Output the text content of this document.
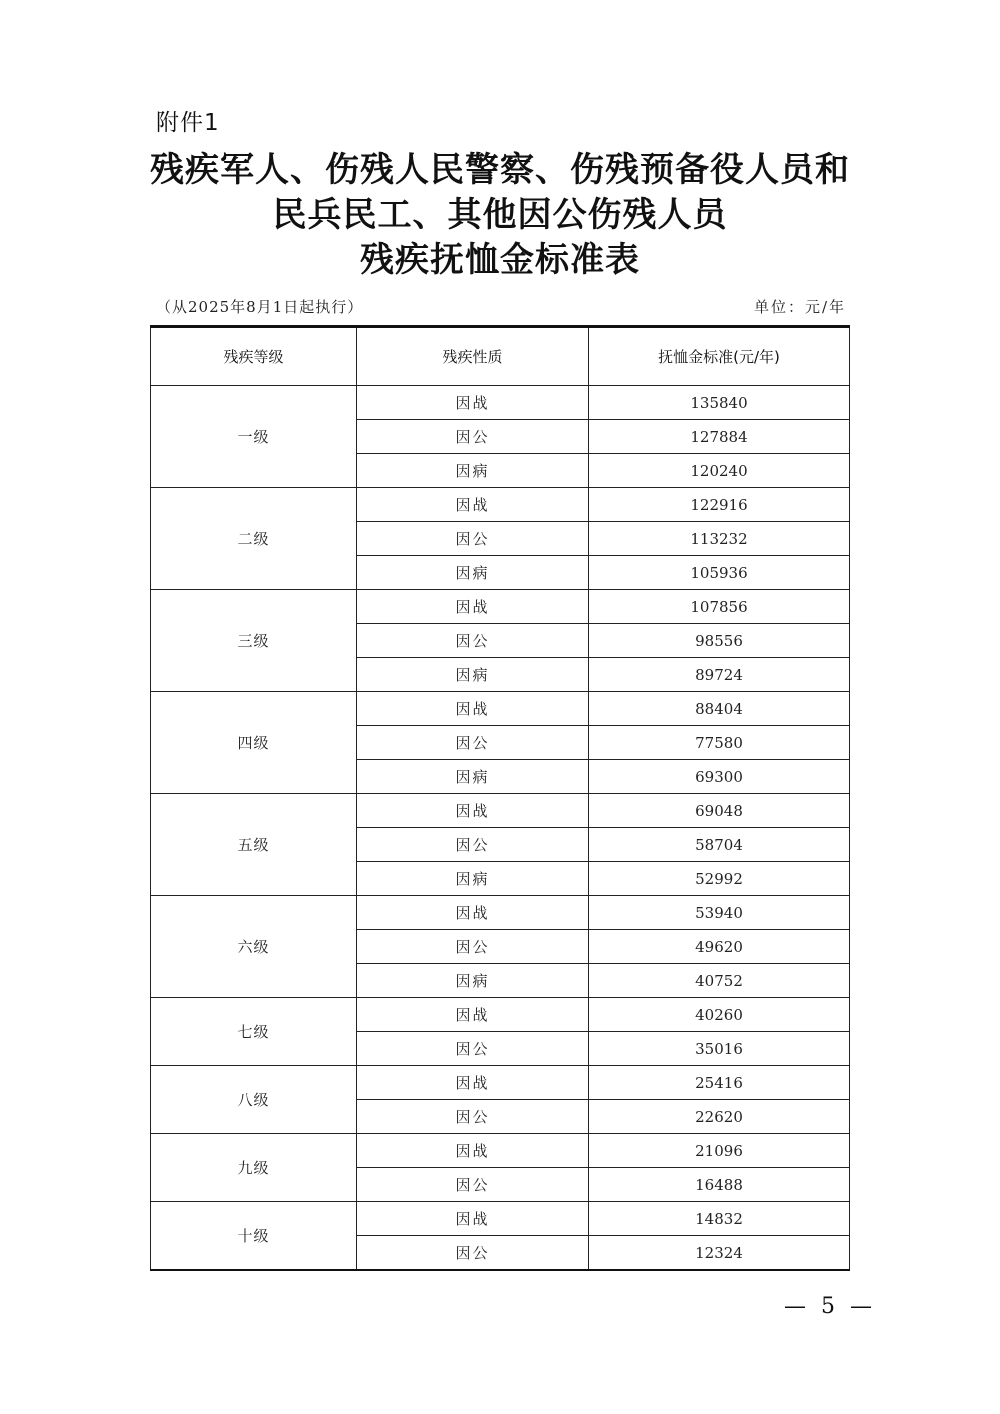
附件1
残疾军人、伤残人民警察、伤残预备役人员和
民兵民工、其他因公伤残人员
残疾抚恤金标准表
（从2025年8月1日起执行）	单位：元/年
残疾等级	残疾性质	抚恤金标准(元/年)
一级	因战	135840
	因公	127884
	因病	120240
二级	因战	122916
	因公	113232
	因病	105936
三级	因战	107856
	因公	98556
	因病	89724
四级	因战	88404
	因公	77580
	因病	69300
五级	因战	69048
	因公	58704
	因病	52992
六级	因战	53940
	因公	49620
	因病	40752
七级	因战	40260
	因公	35016
八级	因战	25416
	因公	22620
九级	因战	21096
	因公	16488
十级	因战	14832
	因公	12324
— 5 —
